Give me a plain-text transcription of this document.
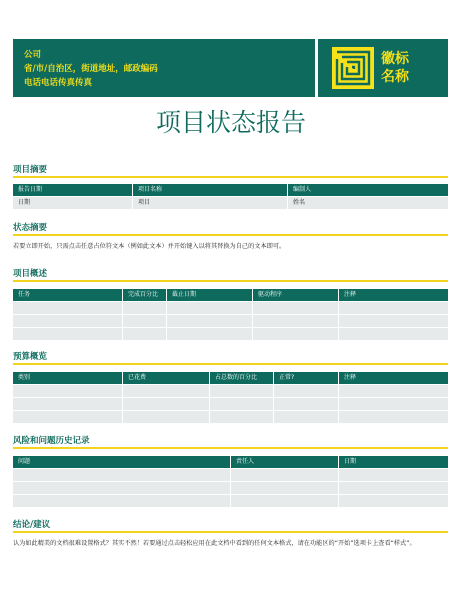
公司
省/市/自治区，街道地址，邮政编码
电话电话传真传真
徽标
名称
项目状态报告
项目摘要
报告日期	项目名称	编制人
日期	项目	姓名
状态摘要
若要立即开始，只需点击任意占位符文本（例如此文本）并开始键入以将其替换为自己的文本即可。
项目概述
任务	完成百分比	截止日期	驱动程序	注释
预算概览
类别	已花费	占总数的百分比	正常?	注释
风险和问题历史记录
问题	责任人	日期
结论/建议
认为如此精美的文档很难设置格式？其实不然！若要通过点击轻松应用在此文档中看到的任何文本格式，请在功能区的“开始”选项卡上查看“样式”。
